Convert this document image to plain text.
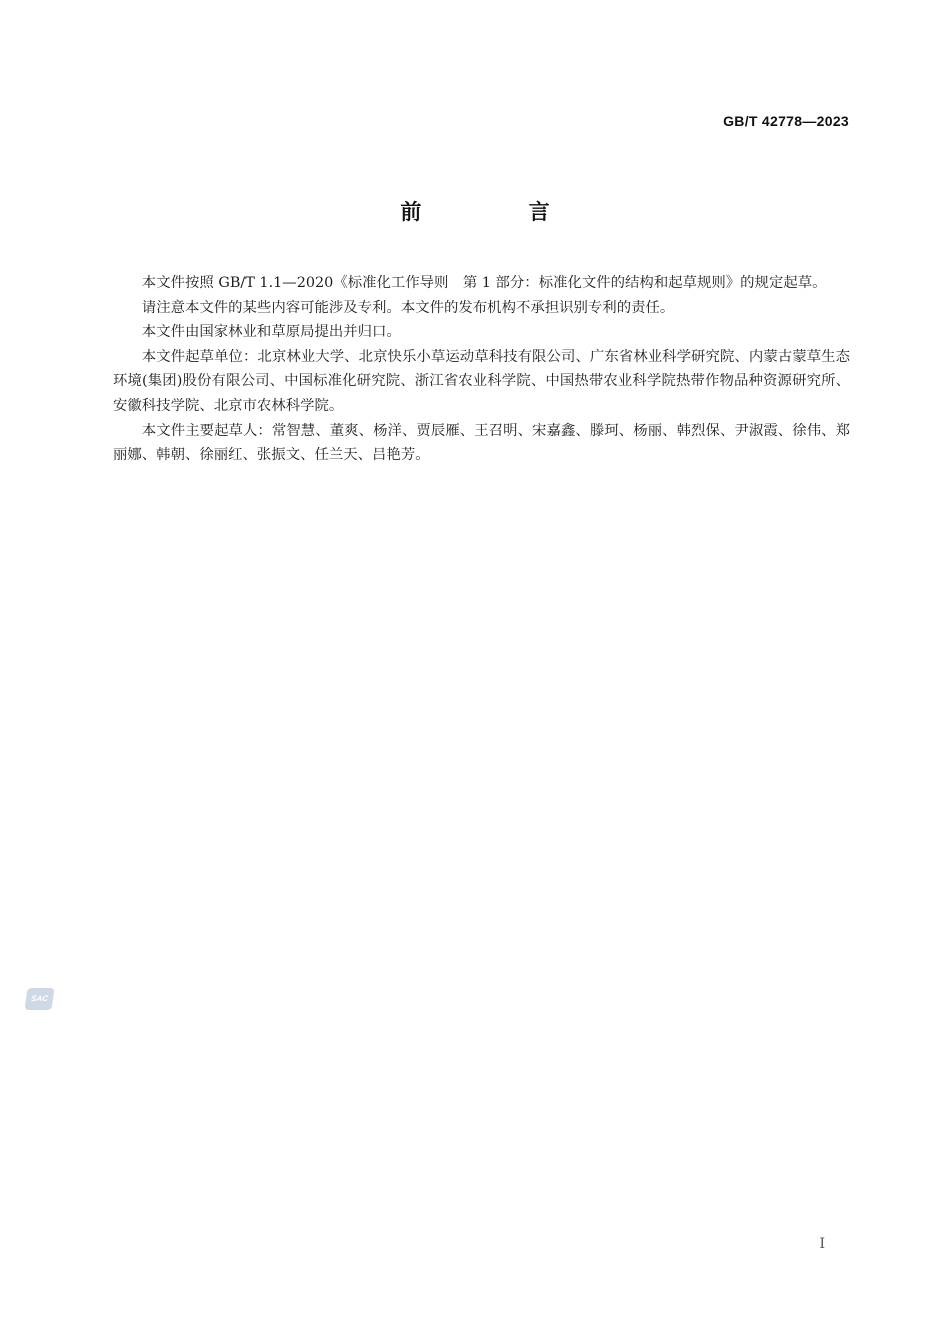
GB/T 42778—2023
前 言

本文件按照 GB/T 1.1—2020《标准化工作导则　第 1 部分：标准化文件的结构和起草规则》的规定起草。

请注意本文件的某些内容可能涉及专利。本文件的发布机构不承担识别专利的责任。

本文件由国家林业和草原局提出并归口。

本文件起草单位：北京林业大学、北京快乐小草运动草科技有限公司、广东省林业科学研究院、内蒙古蒙草生态环境(集团)股份有限公司、中国标准化研究院、浙江省农业科学院、中国热带农业科学院热带作物品种资源研究所、安徽科技学院、北京市农林科学院。

本文件主要起草人：常智慧、董爽、杨洋、贾辰雁、王召明、宋嘉鑫、滕珂、杨丽、韩烈保、尹淑霞、徐伟、郑丽娜、韩朝、徐丽红、张振文、任兰天、吕艳芳。

SAC
I
